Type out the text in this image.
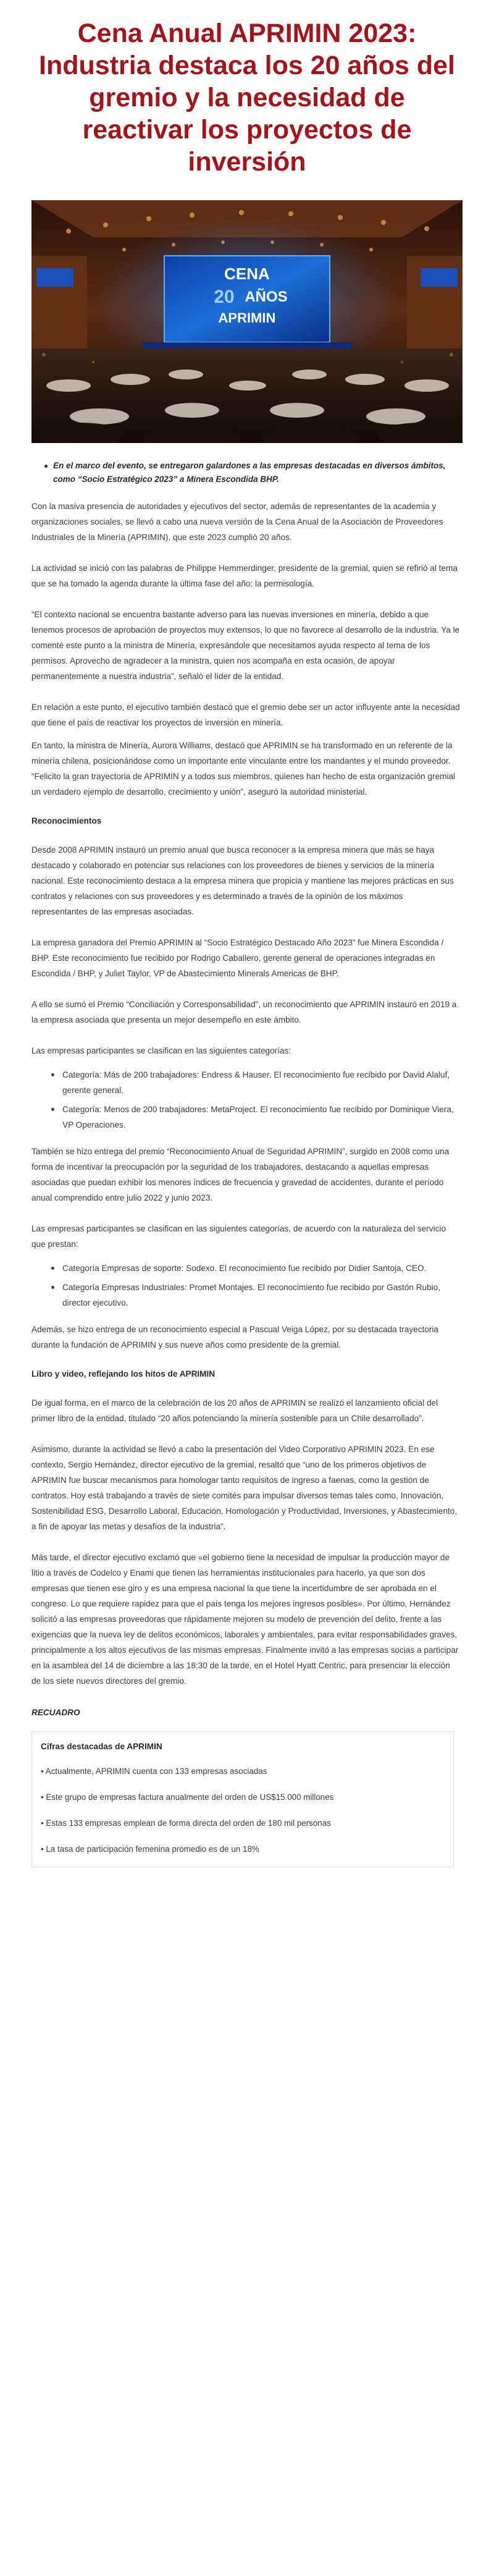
Cena Anual APRIMIN 2023: Industria destaca los 20 años del gremio y la necesidad de reactivar los proyectos de inversión
CENA
20 AÑOS
APRIMIN
En el marco del evento, se entregaron galardones a las empresas destacadas en diversos ámbitos, como “Socio Estratégico 2023” a Minera Escondida BHP.

Con la masiva presencia de autoridades y ejecutivos del sector, además de representantes de la academia y organizaciones sociales, se llevó a cabo una nueva versión de la Cena Anual de la Asociación de Proveedores Industriales de la Minería (APRIMIN), que este 2023 cumplió 20 años.

La actividad se inició con las palabras de Philippe Hemmerdinger, presidente de la gremial, quien se refirió al tema que se ha tomado la agenda durante la última fase del año: la permisología.

“El contexto nacional se encuentra bastante adverso para las nuevas inversiones en minería, debido a que tenemos procesos de aprobación de proyectos muy extensos, lo que no favorece al desarrollo de la industria. Ya le comenté este punto a la ministra de Minería, expresándole que necesitamos ayuda respecto al tema de los permisos. Aprovecho de agradecer a la ministra, quien nos acompaña en esta ocasión, de apoyar permanentemente a nuestra industria”, señaló el líder de la entidad.

En relación a este punto, el ejecutivo también destacó que el gremio debe ser un actor influyente ante la necesidad que tiene el país de reactivar los proyectos de inversión en minería.

En tanto, la ministra de Minería, Aurora Williams, destacó que APRIMIN se ha transformado en un referente de la minería chilena, posicionándose como un importante ente vinculante entre los mandantes y el mundo proveedor. “Felicito la gran trayectoria de APRIMIN y a todos sus miembros, quienes han hecho de esta organización gremial un verdadero ejemplo de desarrollo, crecimiento y unión”, aseguró la autoridad ministerial.

Reconocimientos

Desde 2008 APRIMIN instauró un premio anual que busca reconocer a la empresa minera que más se haya destacado y colaborado en potenciar sus relaciones con los proveedores de bienes y servicios de la minería nacional. Este reconocimiento destaca a la empresa minera que propicia y mantiene las mejores prácticas en sus contratos y relaciones con sus proveedores y es determinado a través de la opinión de los máximos representantes de las empresas asociadas.

La empresa ganadora del Premio APRIMIN al “Socio Estratégico Destacado Año 2023” fue Minera Escondida / BHP. Este reconocimiento fue recibido por Rodrigo Caballero, gerente general de operaciones integradas en Escondida / BHP, y Juliet Taylor, VP de Abastecimiento Minerals Americas de BHP.

A ello se sumó el Premio “Conciliación y Corresponsabilidad”, un reconocimiento que APRIMIN instauró en 2019 a la empresa asociada que presenta un mejor desempeño en este ámbito.

Las empresas participantes se clasifican en las siguientes categorías:

Categoría: Más de 200 trabajadores: Endress & Hauser. El reconocimiento fue recibido por David Alaluf, gerente general.
Categoría: Menos de 200 trabajadores: MetaProject. El reconocimiento fue recibido por Dominique Viera, VP Operaciones.

También se hizo entrega del premio “Reconocimiento Anual de Seguridad APRIMIN”, surgido en 2008 como una forma de incentivar la preocupación por la seguridad de los trabajadores, destacando a aquellas empresas asociadas que puedan exhibir los menores índices de frecuencia y gravedad de accidentes, durante el período anual comprendido entre julio 2022 y junio 2023.

Las empresas participantes se clasifican en las siguientes categorías, de acuerdo con la naturaleza del servicio que prestan:

Categoría Empresas de soporte: Sodexo. El reconocimiento fue recibido por Didier Santoja, CEO.
Categoría Empresas Industriales: Promet Montajes. El reconocimiento fue recibido por Gastón Rubio, director ejecutivo.

Además, se hizo entrega de un reconocimiento especial a Pascual Veiga López, por su destacada trayectoria durante la fundación de APRIMIN y sus nueve años como presidente de la gremial.

Libro y video, reflejando los hitos de APRIMIN

De igual forma, en el marco de la celebración de los 20 años de APRIMIN se realizó el lanzamiento oficial del primer libro de la entidad, titulado “20 años potenciando la minería sostenible para un Chile desarrollado”.

Asimismo, durante la actividad se llevó a cabo la presentación del Video Corporativo APRIMIN 2023. En ese contexto, Sergio Hernández, director ejecutivo de la gremial, resaltó que “uno de los primeros objetivos de APRIMIN fue buscar mecanismos para homologar tanto requisitos de ingreso a faenas, como la gestión de contratos. Hoy está trabajando a través de siete comités para impulsar diversos temas tales como, Innovación, Sostenibilidad ESG, Desarrollo Laboral, Educación, Homologación y Productividad, Inversiones, y Abastecimiento, a fin de apoyar las metas y desafíos de la industria”.

Más tarde, el director ejecutivo exclamó que «el gobierno tiene la necesidad de impulsar la producción mayor de litio a través de Codelco y Enami que tienen las herramientas institucionales para hacerlo, ya que son dos empresas que tienen ese giro y es una empresa nacional la que tiene la incertidumbre de ser aprobada en el congreso. Lo que requiere rapidez para que el país tenga los mejores ingresos posibles». Por último, Hernández solicitó a las empresas proveedoras que rápidamente mejoren su modelo de prevención del delito, frente a las exigencias que la nueva ley de delitos económicos, laborales y ambientales, para evitar responsabilidades graves, principalmente a los altos ejecutivos de las mismas empresas. Finalmente invitó a las empresas socias a participar en la asamblea del 14 de diciembre a las 18:30 de la tarde, en el Hotel Hyatt Centric, para presenciar la elección de los siete nuevos directores del gremio.

RECUADRO

Cifras destacadas de APRIMIN
• Actualmente, APRIMIN cuenta con 133 empresas asociadas
• Este grupo de empresas factura anualmente del orden de US$15.000 millones
• Estas 133 empresas emplean de forma directa del orden de 180 mil personas
• La tasa de participación femenina promedio es de un 18%
